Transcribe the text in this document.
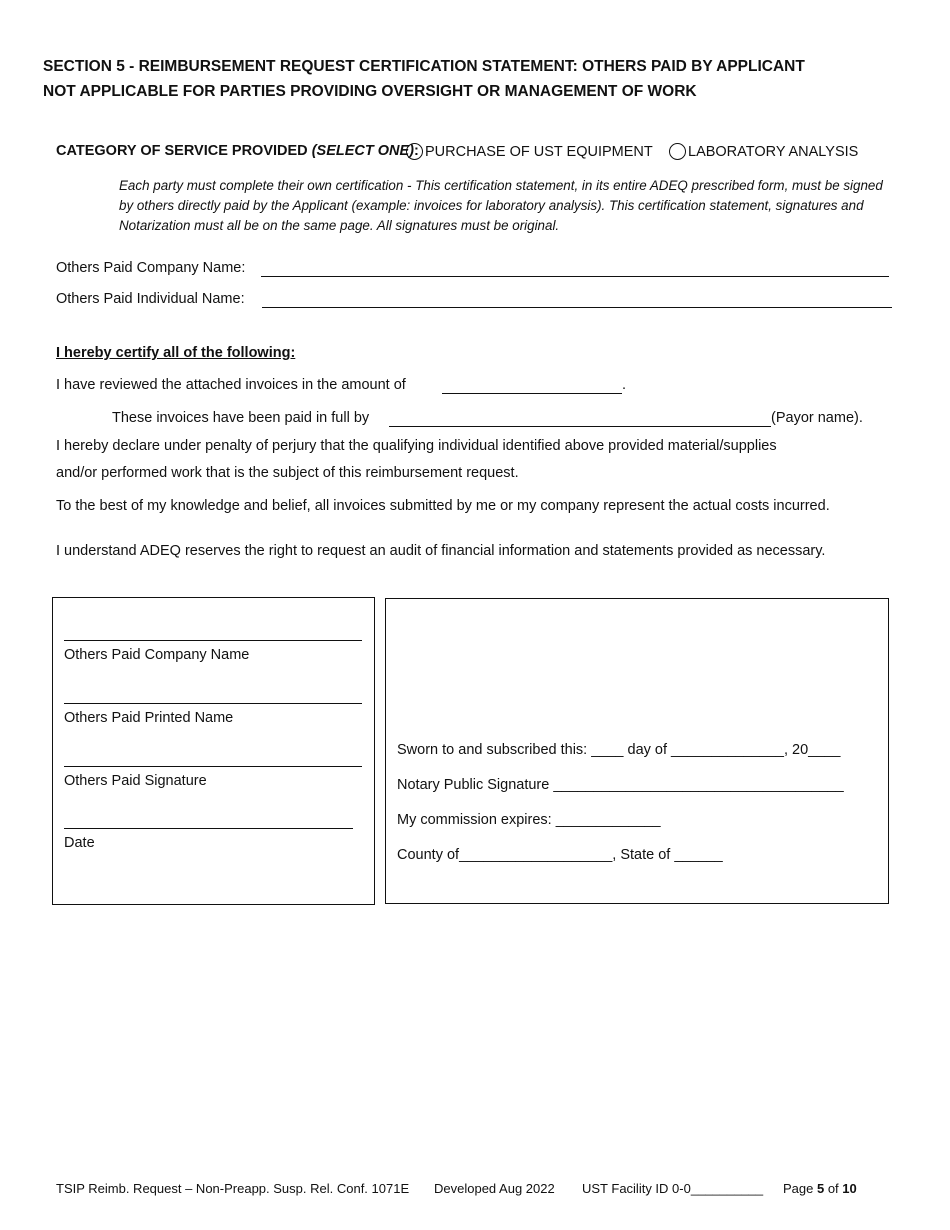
SECTION 5 - REIMBURSEMENT REQUEST CERTIFICATION STATEMENT: OTHERS PAID BY APPLICANT
NOT APPLICABLE FOR PARTIES PROVIDING OVERSIGHT OR MANAGEMENT OF WORK
CATEGORY OF SERVICE PROVIDED (SELECT ONE): PURCHASE OF UST EQUIPMENT	LABORATORY ANALYSIS
Each party must complete their own certification - This certification statement, in its entire ADEQ prescribed form, must be signed by others directly paid by the Applicant (example: invoices for laboratory analysis). This certification statement, signatures and Notarization must all be on the same page. All signatures must be original.
Others Paid Company Name:
Others Paid Individual Name:
I hereby certify all of the following:
I have reviewed the attached invoices in the amount of	.
These invoices have been paid in full by	(Payor name).
I hereby declare under penalty of perjury that the qualifying individual identified above provided material/supplies
and/or performed work that is the subject of this reimbursement request.
To the best of my knowledge and belief, all invoices submitted by me or my company represent the actual costs incurred.
I understand ADEQ reserves the right to request an audit of financial information and statements provided as necessary.
Others Paid Company Name
Others Paid Printed Name
Others Paid Signature
Date
Sworn to and subscribed this: ____ day of ______________, 20____
Notary Public Signature ____________________________________
My commission expires: _____________
County of___________________, State of ______
TSIP Reimb. Request – Non-Preapp. Susp. Rel. Conf. 1071E Developed Aug 2022 UST Facility ID 0-0__________ Page 5 of 10
